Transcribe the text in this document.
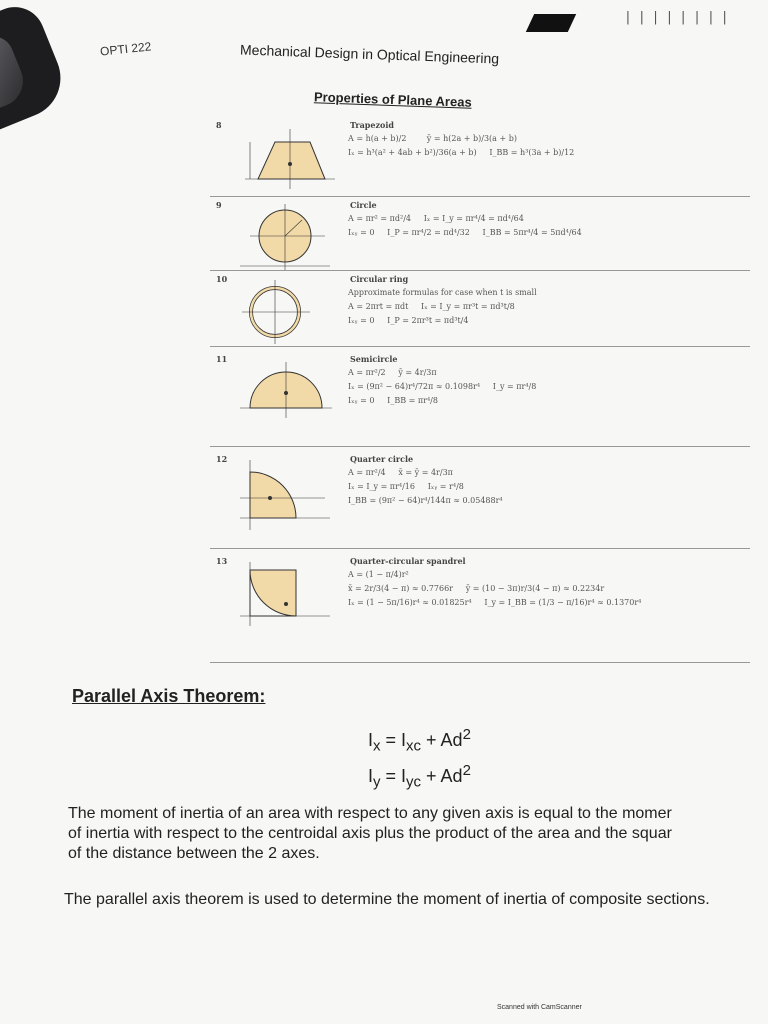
||||||||
OPTI 222	Mechanical Design in Optical Engineering
Properties of Plane Areas
8	Trapezoid
A = h(a + b)/2        ȳ = h(2a + b)/3(a + b)
Iₓ = h³(a² + 4ab + b²)/36(a + b)     I_BB = h³(3a + b)/12
9	Circle
A = πr² = πd²/4     Iₓ = I_y = πr⁴/4 = πd⁴/64
Iₓᵧ = 0     I_P = πr⁴/2 = πd⁴/32     I_BB = 5πr⁴/4 = 5πd⁴/64
10	Circular ring
Approximate formulas for case when t is small
A = 2πrt = πdt     Iₓ = I_y = πr³t = πd³t/8
Iₓᵧ = 0     I_P = 2πr³t = πd³t/4
11	Semicircle
A = πr²/2     ȳ = 4r/3π
Iₓ = (9π² − 64)r⁴/72π ≈ 0.1098r⁴     I_y = πr⁴/8
Iₓᵧ = 0     I_BB = πr⁴/8
12	Quarter circle
A = πr²/4     x̄ = ȳ = 4r/3π
Iₓ = I_y = πr⁴/16     Iₓᵧ = r⁴/8
I_BB = (9π² − 64)r⁴/144π ≈ 0.05488r⁴
13	Quarter-circular spandrel
A = (1 − π/4)r²
x̄ = 2r/3(4 − π) ≈ 0.7766r     ȳ = (10 − 3π)r/3(4 − π) ≈ 0.2234r
Iₓ = (1 − 5π/16)r⁴ ≈ 0.01825r⁴     I_y = I_BB = (1/3 − π/16)r⁴ ≈ 0.1370r⁴
Parallel Axis Theorem:
$I_x = I_{xc} + Ad^2$
$I_y = I_{yc} + Ad^2$
The moment of inertia of an area with respect to any given axis is equal to the momer
of inertia with respect to the centroidal axis plus the product of the area and the squar
of the distance between the 2 axes.
The parallel axis theorem is used to determine the moment of inertia of composite sections.
Scanned with CamScanner
